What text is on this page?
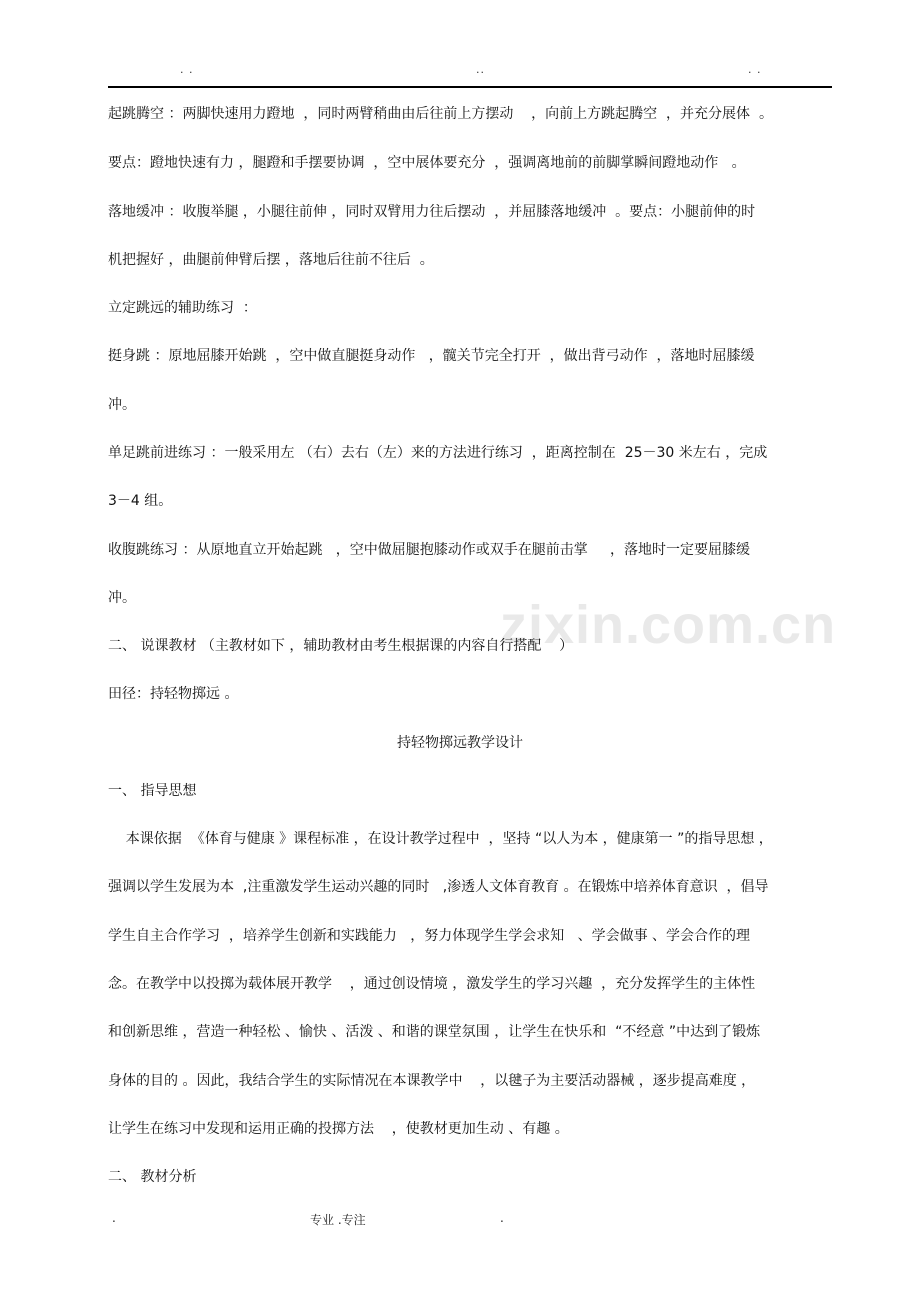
· ·	··	· ·
zixin.com.cn
起跳腾空 ：两脚快速用力蹬地  ，同时两臂稍曲由后往前上方摆动    ，向前上方跳起腾空  ，并充分展体  。
要点：蹬地快速有力 ，腿蹬和手摆要协调  ，空中展体要充分  ，强调离地前的前脚掌瞬间蹬地动作   。
落地缓冲 ：收腹举腿 ，小腿往前伸 ，同时双臂用力往后摆动  ，并屈膝落地缓冲  。要点：小腿前伸的时
机把握好 ，曲腿前伸臂后摆 ，落地后往前不往后  。
立定跳远的辅助练习  ：
挺身跳 ：原地屈膝开始跳  ，空中做直腿挺身动作   ，髋关节完全打开  ，做出背弓动作  ，落地时屈膝缓
冲。
单足跳前进练习 ：一般采用左 （右）去右（左）来的方法进行练习  ，距离控制在  25－30 米左右 ，完成
3－4 组。
收腹跳练习 ：从原地直立开始起跳   ，空中做屈腿抱膝动作或双手在腿前击掌     ，落地时一定要屈膝缓
冲。
二、 说课教材 （主教材如下 ，辅助教材由考生根据课的内容自行搭配    ）
田径：持轻物掷远 。
持轻物掷远教学设计
一、 指导思想
本课依据  《体育与健康 》课程标准 ，在设计教学过程中  ，坚持 “以人为本 ，健康第一 ”的指导思想 ，
强调以学生发展为本  ,注重激发学生运动兴趣的同时   ,渗透人文体育教育 。在锻炼中培养体育意识  ，倡导
学生自主合作学习  ，培养学生创新和实践能力   ，努力体现学生学会求知   、学会做事 、学会合作的理
念。在教学中以投掷为载体展开教学    ，通过创设情境 ，激发学生的学习兴趣  ，充分发挥学生的主体性
和创新思维 ，营造一种轻松 、愉快 、活泼 、和谐的课堂氛围 ，让学生在快乐和  “不经意 ”中达到了锻炼
身体的目的 。因此，我结合学生的实际情况在本课教学中    ，以毽子为主要活动器械 ，逐步提高难度 ，
让学生在练习中发现和运用正确的投掷方法    ，使教材更加生动 、有趣 。
二、 教材分析
.	专业 .专注	.
